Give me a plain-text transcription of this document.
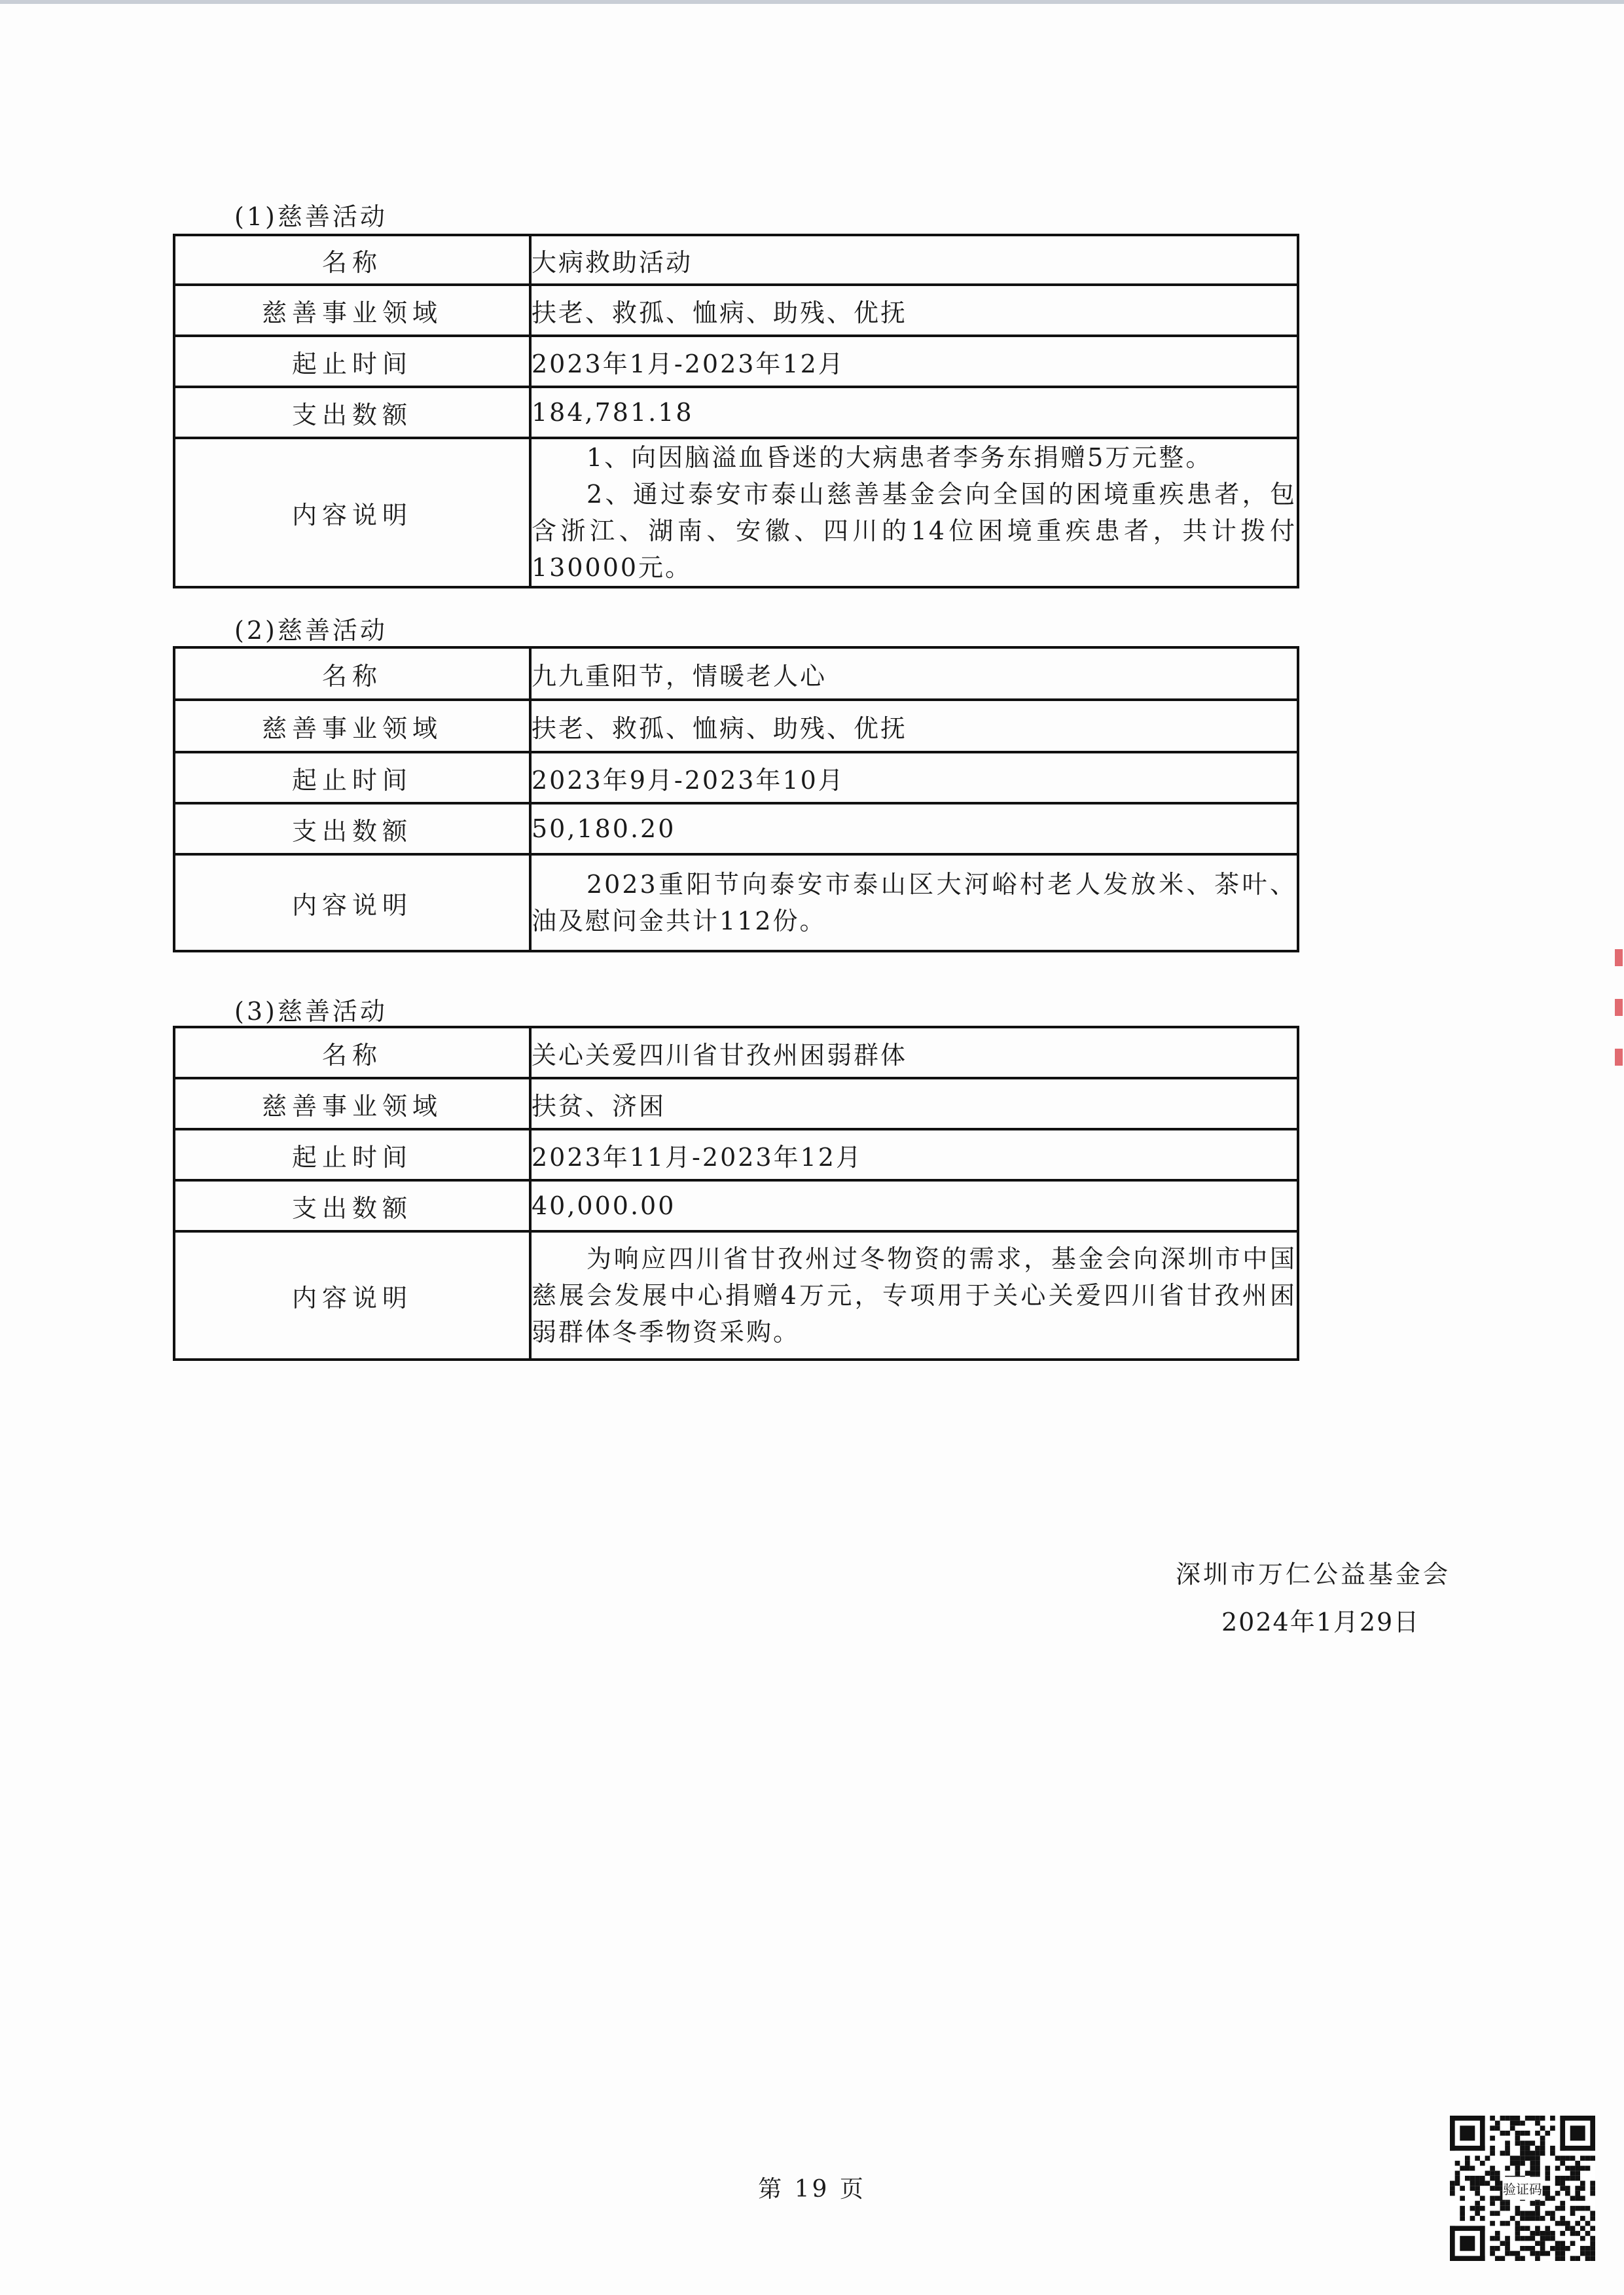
(1)慈善活动
名称	大病救助活动
慈善事业领域	扶老、救孤、恤病、助残、优抚
起止时间	2023年1月-2023年12月
支出数额	184,781.18
内容说明	1、向因脑溢血昏迷的大病患者李务东捐赠5万元整。

2、通过泰安市泰山慈善基金会向全国的困境重疾患者，包含浙江、湖南、安徽、四川的14位困境重疾患者，共计拨付130000元。

(2)慈善活动
名称	九九重阳节，情暖老人心
慈善事业领域	扶老、救孤、恤病、助残、优抚
起止时间	2023年9月-2023年10月
支出数额	50,180.20
内容说明	2023重阳节向泰安市泰山区大河峪村老人发放米、茶叶、油及慰问金共计112份。

(3)慈善活动
名称	关心关爱四川省甘孜州困弱群体
慈善事业领域	扶贫、济困
起止时间	2023年11月-2023年12月
支出数额	40,000.00
内容说明	为响应四川省甘孜州过冬物资的需求，基金会向深圳市中国慈展会发展中心捐赠4万元，专项用于关心关爱四川省甘孜州困弱群体冬季物资采购。

深圳市万仁公益基金会
2024年1月29日
第 19 页	验证码
